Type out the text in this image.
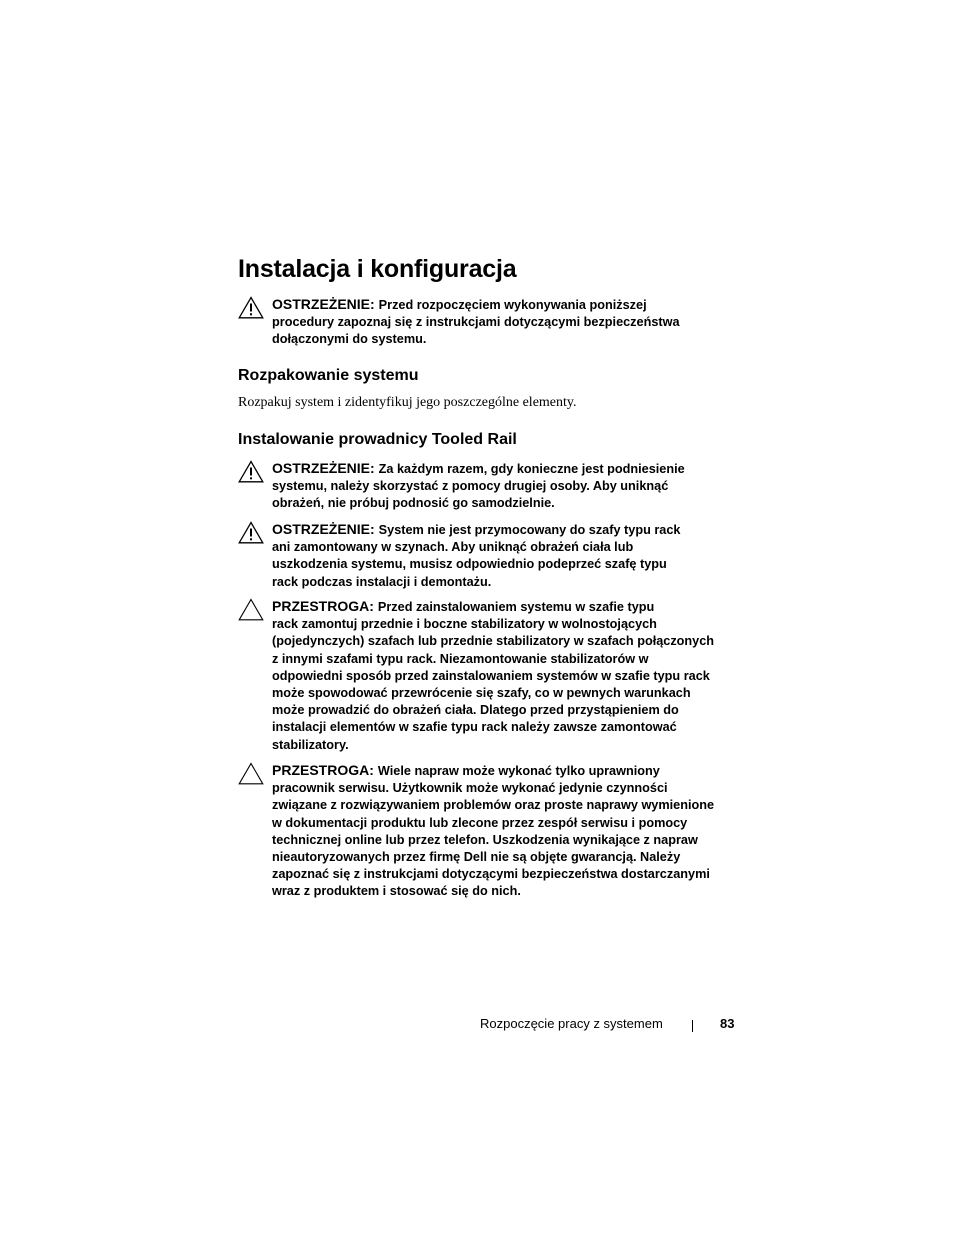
Instalacja i konfiguracja
OSTRZEŻENIE: Przed rozpoczęciem wykonywania poniższej
procedury zapoznaj się z instrukcjami dotyczącymi bezpieczeństwa
dołączonymi do systemu.
Rozpakowanie systemu

Rozpakuj system i zidentyfikuj jego poszczególne elementy.

Instalowanie prowadnicy Tooled Rail
OSTRZEŻENIE: Za każdym razem, gdy konieczne jest podniesienie
systemu, należy skorzystać z pomocy drugiej osoby. Aby uniknąć
obrażeń, nie próbuj podnosić go samodzielnie.
OSTRZEŻENIE: System nie jest przymocowany do szafy typu rack
ani zamontowany w szynach. Aby uniknąć obrażeń ciała lub
uszkodzenia systemu, musisz odpowiednio podeprzeć szafę typu
rack podczas instalacji i demontażu.
PRZESTROGA: Przed zainstalowaniem systemu w szafie typu
rack zamontuj przednie i boczne stabilizatory w wolnostojących
(pojedynczych) szafach lub przednie stabilizatory w szafach połączonych
z innymi szafami typu rack. Niezamontowanie stabilizatorów w
odpowiedni sposób przed zainstalowaniem systemów w szafie typu rack
może spowodować przewrócenie się szafy, co w pewnych warunkach
może prowadzić do obrażeń ciała. Dlatego przed przystąpieniem do
instalacji elementów w szafie typu rack należy zawsze zamontować
stabilizatory.
PRZESTROGA: Wiele napraw może wykonać tylko uprawniony
pracownik serwisu. Użytkownik może wykonać jedynie czynności
związane z rozwiązywaniem problemów oraz proste naprawy wymienione
w dokumentacji produktu lub zlecone przez zespół serwisu i pomocy
technicznej online lub przez telefon. Uszkodzenia wynikające z napraw
nieautoryzowanych przez firmę Dell nie są objęte gwarancją. Należy
zapoznać się z instrukcjami dotyczącymi bezpieczeństwa dostarczanymi
wraz z produktem i stosować się do nich.
Rozpoczęcie pracy z systemem	83
